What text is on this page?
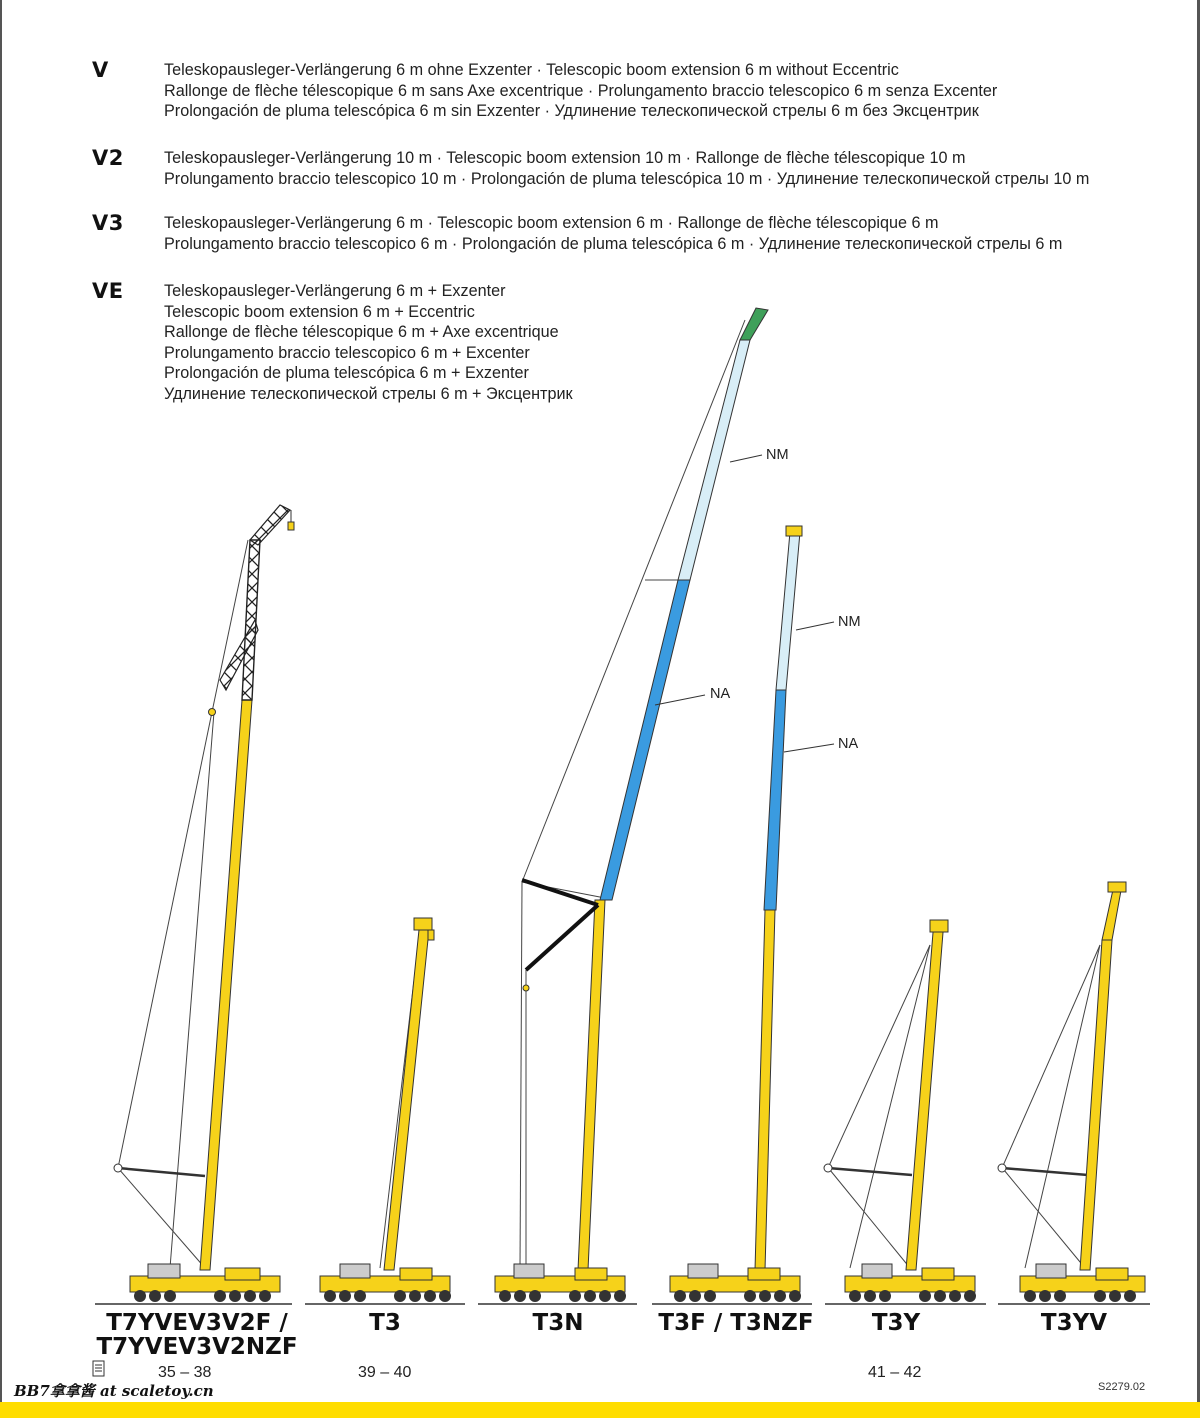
V	Teleskopausleger-Verlängerung 6 m ohne Exzenter · Telescopic boom extension 6 m without Eccentric
Rallonge de flèche télescopique 6 m sans Axe excentrique · Prolungamento braccio telescopico 6 m senza Excenter
Prolongación de pluma telescópica 6 m sin Exzenter · Удлинение телескопической стрелы 6 m без Эксцентрик
V2 Teleskopausleger-Verlängerung 10 m · Telescopic boom extension 10 m · Rallonge de flèche télescopique 10 m
Prolungamento braccio telescopico 10 m · Prolongación de pluma telescópica 10 m · Удлинение телескопической стрелы 10 m
V3 Teleskopausleger-Verlängerung 6 m · Telescopic boom extension 6 m · Rallonge de flèche télescopique 6 m
Prolungamento braccio telescopico 6 m · Prolongación de pluma telescópica 6 m · Удлинение телескопической стрелы 6 m
VE Teleskopausleger-Verlängerung 6 m + Exzenter
Telescopic boom extension 6 m + Eccentric
Rallonge de flèche télescopique 6 m + Axe excentrique
Prolungamento braccio telescopico 6 m + Excenter
Prolongación de pluma telescópica 6 m + Exzenter
Удлинение телескопической стрелы 6 m + Эксцентрик
NM
NA
NM
NA
T7YVEV3V2F /
T7YVEV3V2NZF
T3	T3N	T3F / T3NZF	T3Y	T3YV
35 – 38	39 – 40	41 – 42
S2279.02
BB7拿拿酱 at scaletoy.cn
